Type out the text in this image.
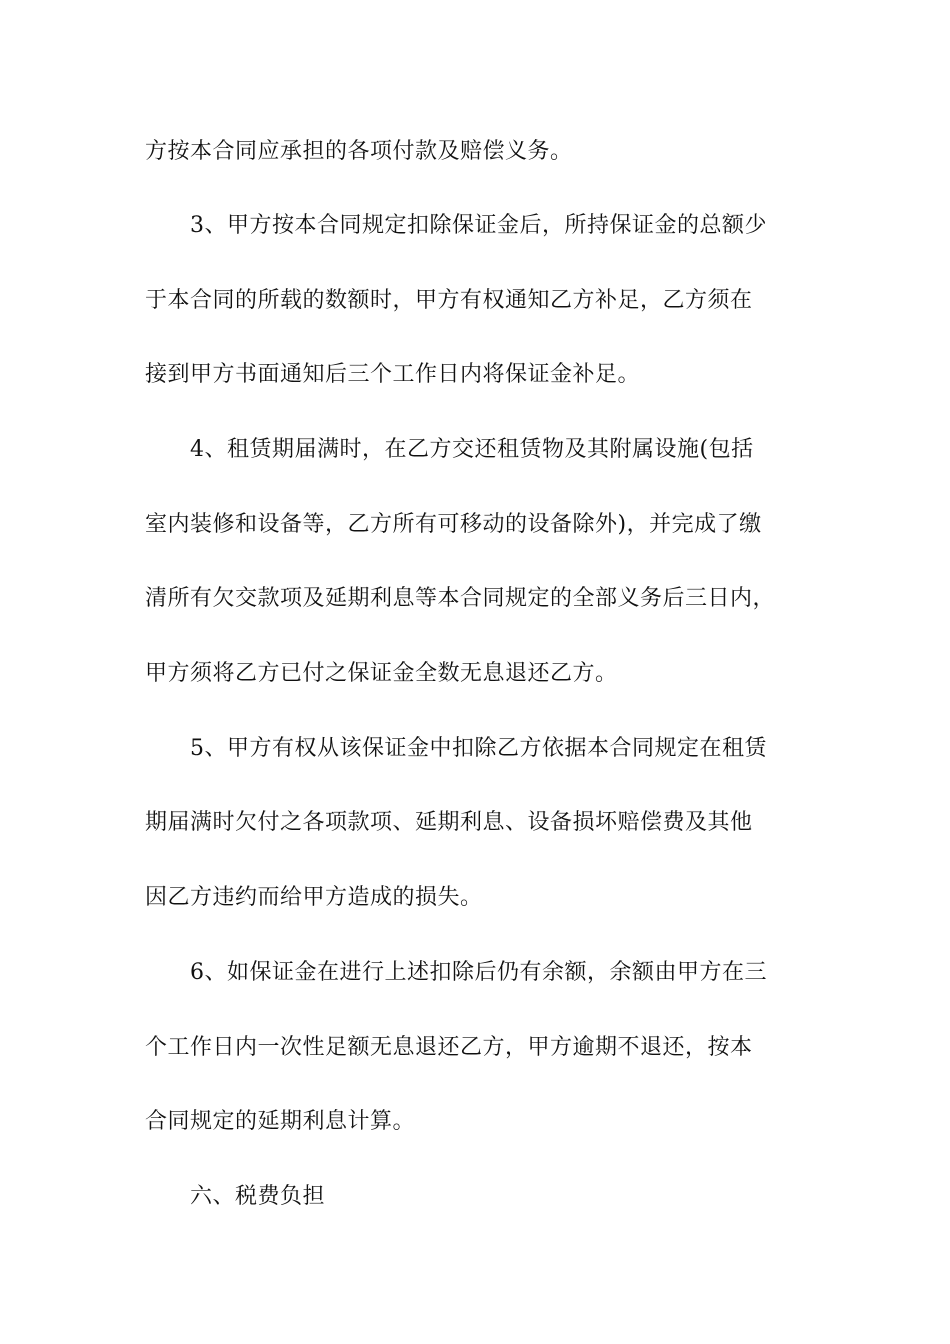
方按本合同应承担的各项付款及赔偿义务。

3、甲方按本合同规定扣除保证金后，所持保证金的总额少

于本合同的所载的数额时，甲方有权通知乙方补足，乙方须在

接到甲方书面通知后三个工作日内将保证金补足。

4、租赁期届满时，在乙方交还租赁物及其附属设施(包括

室内装修和设备等，乙方所有可移动的设备除外)，并完成了缴

清所有欠交款项及延期利息等本合同规定的全部义务后三日内，

甲方须将乙方已付之保证金全数无息退还乙方。

5、甲方有权从该保证金中扣除乙方依据本合同规定在租赁

期届满时欠付之各项款项、延期利息、设备损坏赔偿费及其他

因乙方违约而给甲方造成的损失。

6、如保证金在进行上述扣除后仍有余额，余额由甲方在三

个工作日内一次性足额无息退还乙方，甲方逾期不退还，按本

合同规定的延期利息计算。

六、税费负担
